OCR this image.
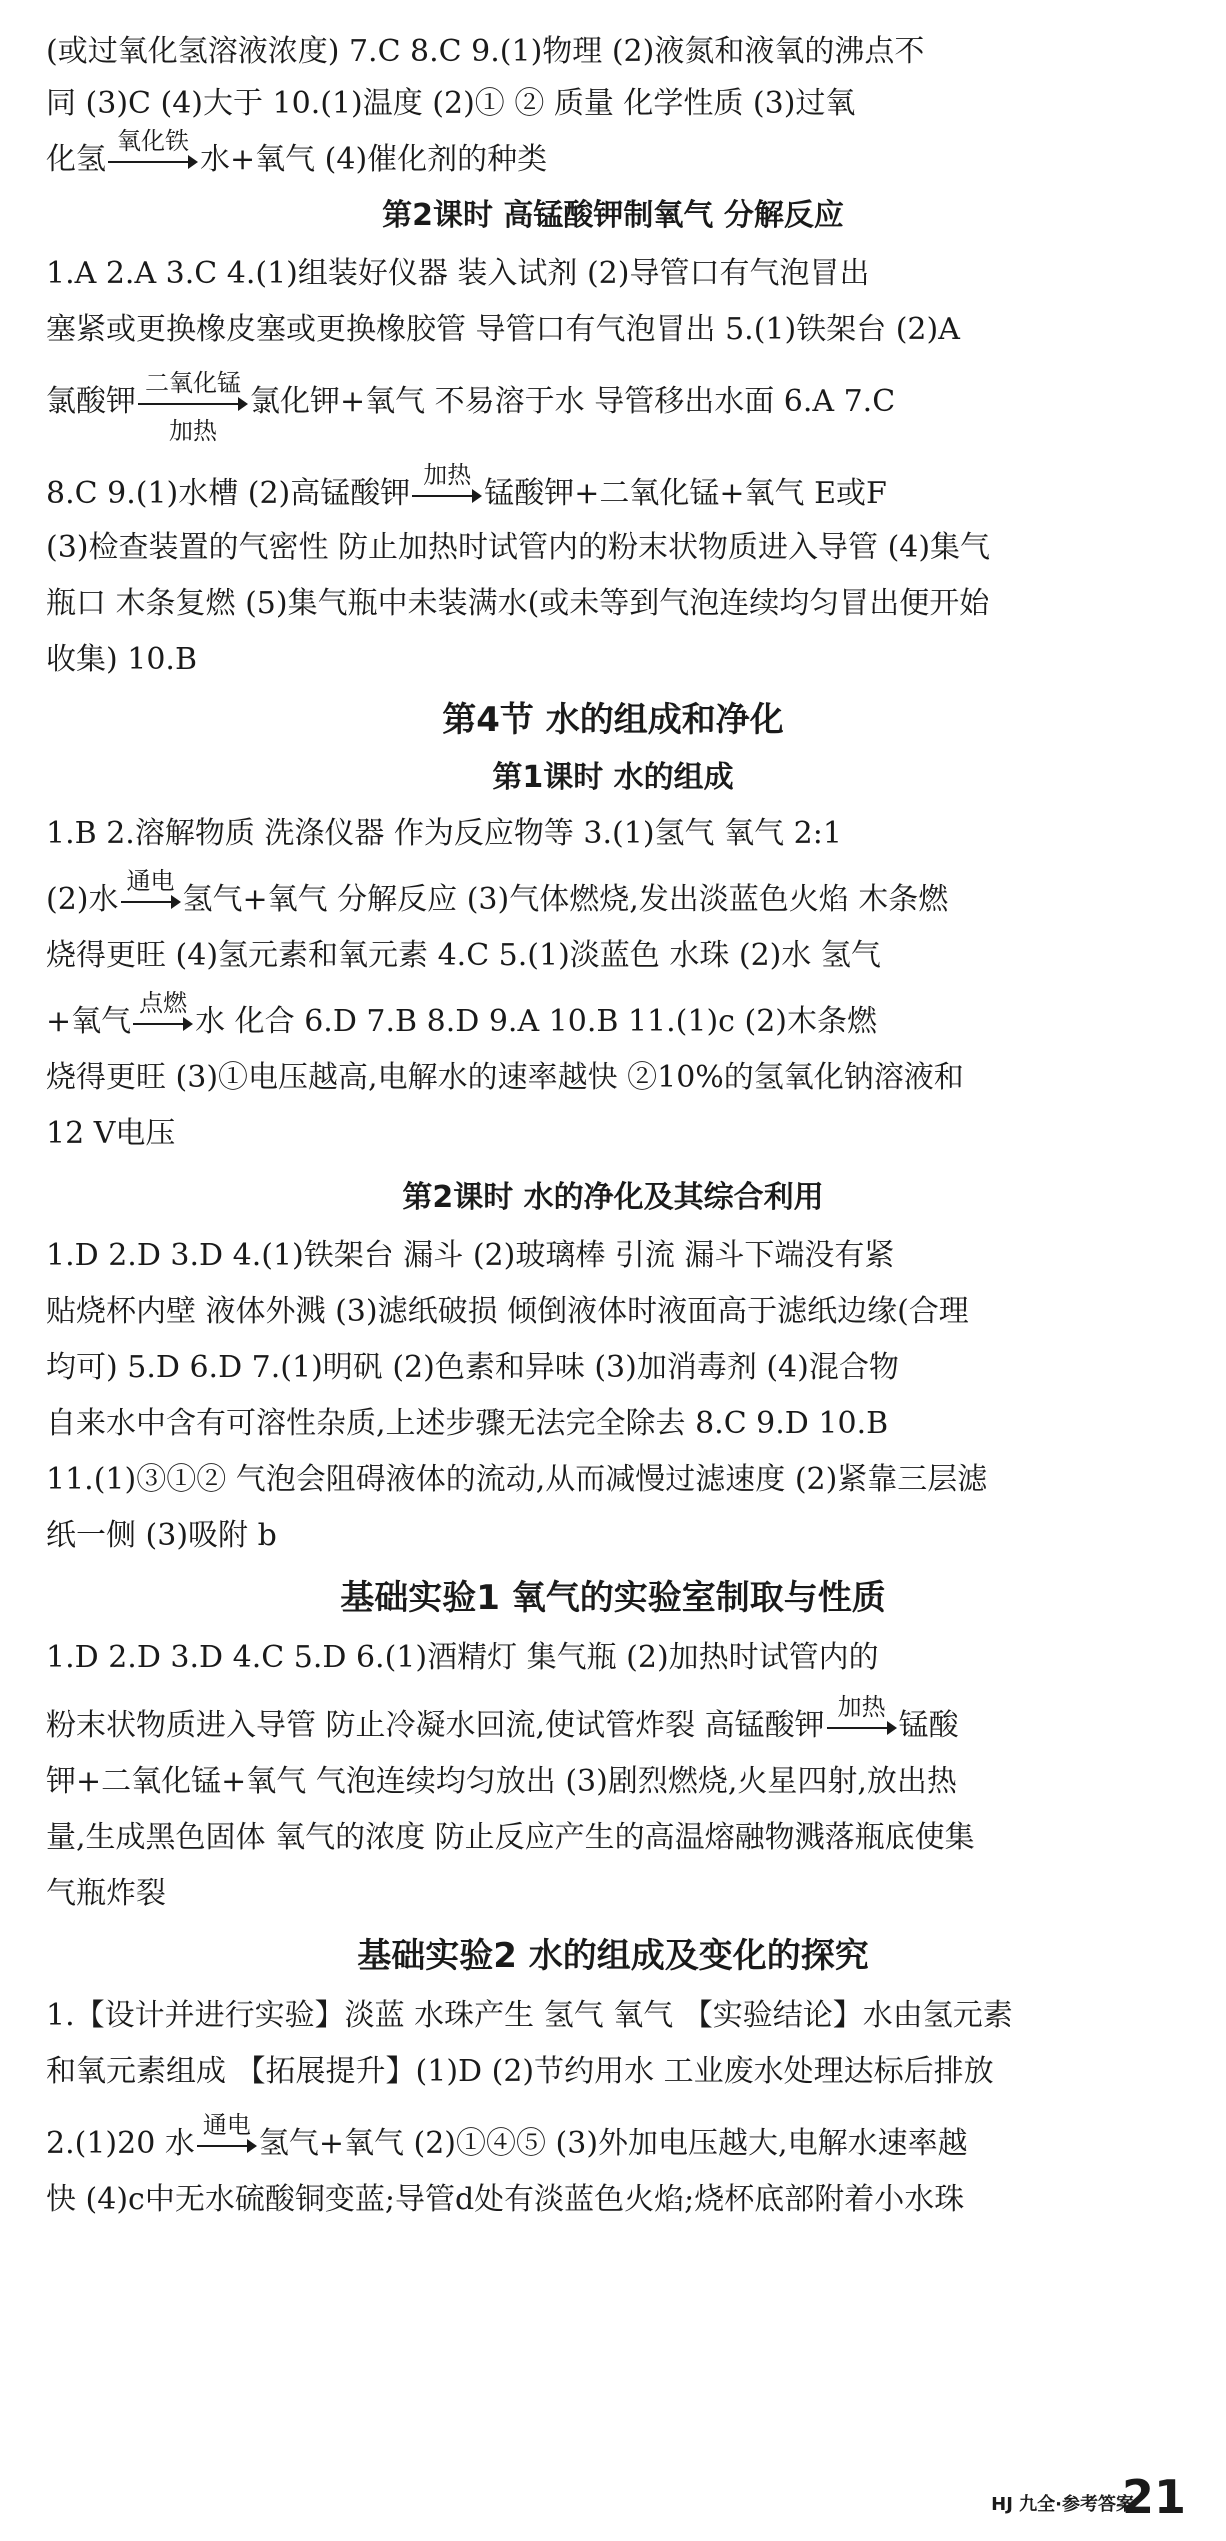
(或过氧化氢溶液浓度) 7.C 8.C 9.(1)物理 (2)液氮和液氧的沸点不
同 (3)C (4)大于 10.(1)温度 (2)① ② 质量 化学性质 (3)过氧
化氢
氧化铁
水+氧气 (4)催化剂的种类
第2课时 高锰酸钾制氧气 分解反应
1.A 2.A 3.C 4.(1)组装好仪器 装入试剂 (2)导管口有气泡冒出
塞紧或更换橡皮塞或更换橡胶管 导管口有气泡冒出 5.(1)铁架台 (2)A
氯酸钾
二氧化锰
加热
氯化钾+氧气 不易溶于水 导管移出水面 6.A 7.C
8.C 9.(1)水槽 (2)高锰酸钾
加热
锰酸钾+二氧化锰+氧气 E或F
(3)检查装置的气密性 防止加热时试管内的粉末状物质进入导管 (4)集气
瓶口 木条复燃 (5)集气瓶中未装满水(或未等到气泡连续均匀冒出便开始
收集) 10.B
第4节 水的组成和净化
第1课时 水的组成
1.B 2.溶解物质 洗涤仪器 作为反应物等 3.(1)氢气 氧气 2:1
(2)水
通电
氢气+氧气 分解反应 (3)气体燃烧,发出淡蓝色火焰 木条燃
烧得更旺 (4)氢元素和氧元素 4.C 5.(1)淡蓝色 水珠 (2)水 氢气
+氧气
点燃
水 化合 6.D 7.B 8.D 9.A 10.B 11.(1)c (2)木条燃
烧得更旺 (3)①电压越高,电解水的速率越快 ②10%的氢氧化钠溶液和
12 V电压
第2课时 水的净化及其综合利用
1.D 2.D 3.D 4.(1)铁架台 漏斗 (2)玻璃棒 引流 漏斗下端没有紧
贴烧杯内壁 液体外溅 (3)滤纸破损 倾倒液体时液面高于滤纸边缘(合理
均可) 5.D 6.D 7.(1)明矾 (2)色素和异味 (3)加消毒剂 (4)混合物
自来水中含有可溶性杂质,上述步骤无法完全除去 8.C 9.D 10.B
11.(1)③①② 气泡会阻碍液体的流动,从而减慢过滤速度 (2)紧靠三层滤
纸一侧 (3)吸附 b
基础实验1 氧气的实验室制取与性质
1.D 2.D 3.D 4.C 5.D 6.(1)酒精灯 集气瓶 (2)加热时试管内的
粉末状物质进入导管 防止冷凝水回流,使试管炸裂 高锰酸钾
加热
锰酸
钾+二氧化锰+氧气 气泡连续均匀放出 (3)剧烈燃烧,火星四射,放出热
量,生成黑色固体 氧气的浓度 防止反应产生的高温熔融物溅落瓶底使集
气瓶炸裂
基础实验2 水的组成及变化的探究
1.【设计并进行实验】淡蓝 水珠产生 氢气 氧气 【实验结论】水由氢元素
和氧元素组成 【拓展提升】(1)D (2)节约用水 工业废水处理达标后排放
2.(1)20 水
通电
氢气+氧气 (2)①④⑤ (3)外加电压越大,电解水速率越
快 (4)c中无水硫酸铜变蓝;导管d处有淡蓝色火焰;烧杯底部附着小水珠
HJ 九全·参考答案
21
